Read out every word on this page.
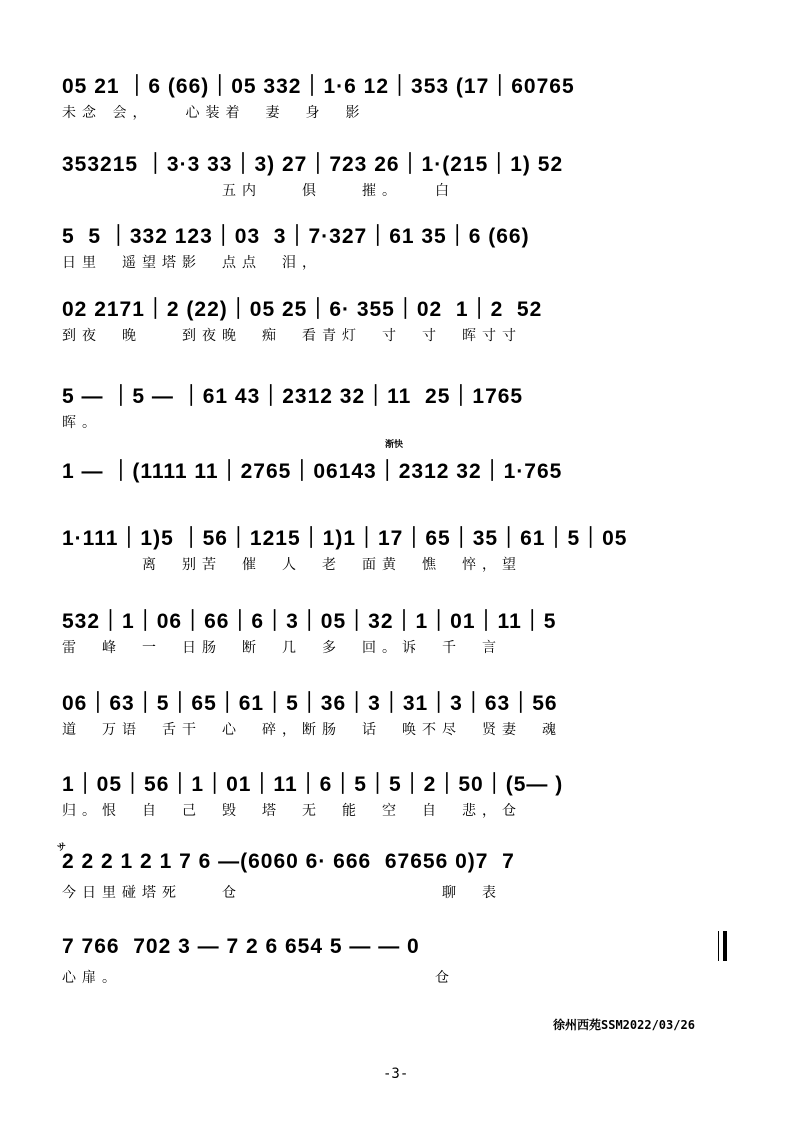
05 21 ｜6 (66)｜05 332｜1·6 12｜353 (17｜60765
未念 会，　　心装着　妻　身　影
353215 ｜3·3 33｜3) 27｜723 26｜1·(215｜1) 52
　　　　　　　　五内　　俱　　摧。　　白
5  5 ｜332 123｜03  3｜7·327｜61 35｜6 (66)
日里　遥望塔影　点点　泪，
02 2171｜2 (22)｜05 25｜6· 355｜02  1｜2  52
到夜　晚　　到夜晚　痴　看青灯　寸　寸　晖寸寸
5 — ｜5 — ｜61 43｜2312 32｜11  25｜1765
晖。
渐快
1 — ｜(1111 11｜2765｜06143｜2312 32｜1·765
1·111｜1)5 ｜56｜1215｜1)1｜17｜65｜35｜61｜5｜05
　　　　离　别苦　催　人　老　面黄　憔　悴，望
532｜1｜06｜66｜6｜3｜05｜32｜1｜01｜11｜5
雷　峰　一　日肠　断　几　多　回。诉　千　言
06｜63｜5｜65｜61｜5｜36｜3｜31｜3｜63｜56
道　万语　舌干　心　碎，断肠　话　唤不尽　贤妻　魂
1｜05｜56｜1｜01｜11｜6｜5｜5｜2｜50｜(5— )
归。恨　自　己　毁　塔　无　能　空　自　悲，仓
サ
2 2 2 1 2 1 7 6 —(6060 6· 666  67656 0)7  7
今日里碰塔死　　仓　　　　　　　　　　聊　表
7 766  702 3 — 7 2 6 654 5 — — 0
心扉。　　　　　　　　　　　　　　　　仓
徐州西苑SSM2022/03/26
-3-
